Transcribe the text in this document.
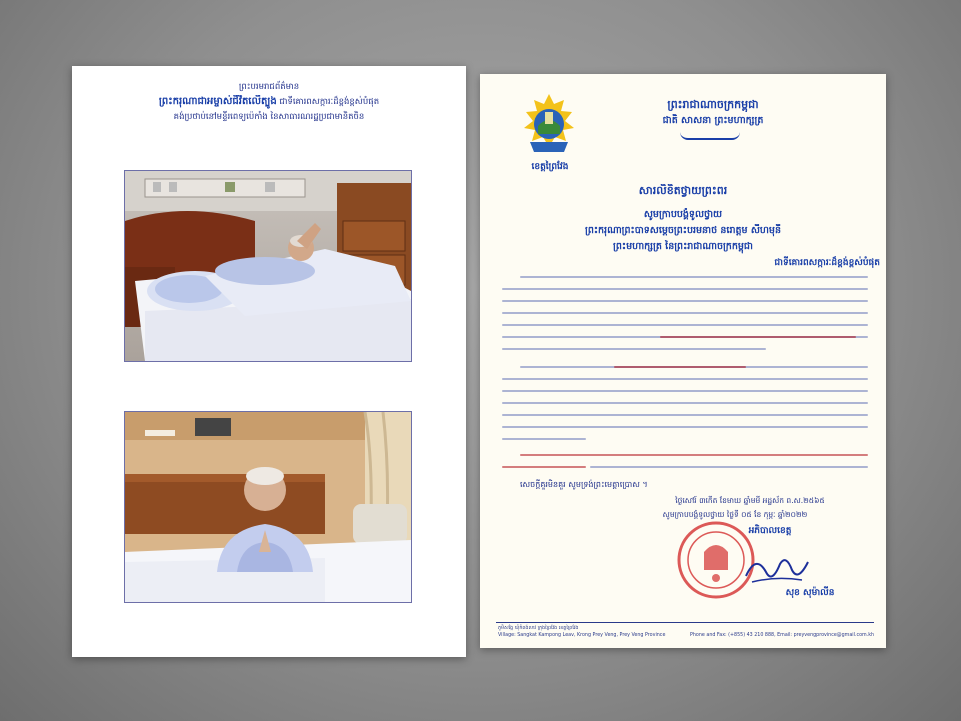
ព្រះបរមរាជព័ត៌មាន
ព្រះករុណាជាអម្ចាស់ជីវិតលើត្បូង ជាទីគោរពសក្ការៈដ៏ខ្ពង់ខ្ពស់បំផុត
គង់ប្រថាប់នៅមន្ទីរពេទ្យប៉េកាំង នៃសាធារណរដ្ឋប្រជាមានិតចិន
ខេត្តព្រៃវែង
ព្រះរាជាណាចក្រកម្ពុជា
ជាតិ សាសនា ព្រះមហាក្សត្រ
សារលិខិតថ្វាយព្រះពរ
សូមក្រាបបង្គំទូលថ្វាយ
ព្រះករុណាព្រះបាទសម្តេចព្រះបរមនាថ នរោត្តម សីហមុនី
ព្រះមហាក្សត្រ នៃព្រះរាជាណាចក្រកម្ពុជា
ជាទីគោរពសក្ការៈដ៏ខ្ពង់ខ្ពស់បំផុត
សេចក្តីគួរមិនគួរ សូមទ្រង់ព្រះមេត្តាប្រោស ។
ថ្ងៃសៅរ៍ ៣កើត ខែមាឃ ឆ្នាំមមី អដ្ឋស័ក ព.ស.២៥៦៥
សូមក្រាបបង្គំទូលថ្វាយ ថ្ងៃទី ០៥ ខែ កុម្ភៈ ឆ្នាំ២០២២
អភិបាលខេត្ត
សុខ សុម៉ាលីន
ភូមិសង្កែ ឃុំកំពង់លាវ ក្រុងព្រៃវែង ខេត្តព្រៃវែង
Village: Sangkat Kampong Leav, Krong Prey Veng, Prey Veng Province	Phone and Fax: (+855) 43 210 888, Email: preyvengprovince@gmail.com.kh
